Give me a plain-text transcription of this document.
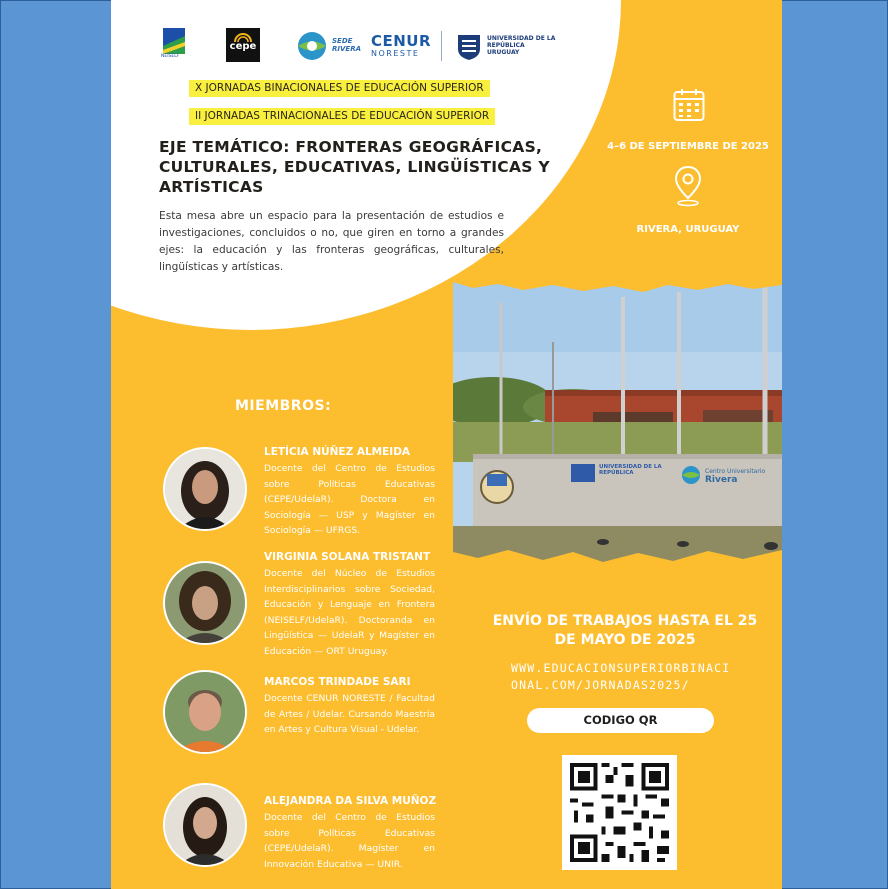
NEISELF
cepe	SEDE
RIVERA CENUR
NORESTE
UNIVERSIDAD DE LA REPÚBLICA URUGUAY
X JORNADAS BINACIONALES DE EDUCACIÓN SUPERIOR
II JORNADAS TRINACIONALES DE EDUCACIÓN SUPERIOR
EJE TEMÁTICO: FRONTERAS GEOGRÁFICAS, CULTURALES, EDUCATIVAS, LINGÜÍSTICAS Y ARTÍSTICAS
Esta mesa abre un espacio para la presentación de estudios e investigaciones, concluidos o no, que giren en torno a grandes ejes: la educación y las fronteras geográficas, culturales, lingüísticas y artísticas.
4–6 DE SEPTIEMBRE DE 2025
RIVERA, URUGUAY
UNIVERSIDAD DE LA REPÚBLICA	Centro Universitario
Rivera
MIEMBROS:
LETÍCIA NÚÑEZ ALMEIDA
Docente del Centro de Estudios sobre Políticas Educativas (CEPE/UdelaR). Doctora en Sociología — USP y Magíster en Sociología — UFRGS.
VIRGINIA SOLANA TRISTANT
Docente del Núcleo de Estudios Interdisciplinarios sobre Sociedad, Educación y Lenguaje en Frontera (NEISELF/UdelaR). Doctoranda en Lingüística — UdelaR y Magíster en Educación — ORT Uruguay.
MARCOS TRINDADE SARI
Docente CENUR NORESTE / Facultad de Artes / Udelar. Cursando Maestría en Artes y Cultura Visual - Udelar.
ALEJANDRA DA SILVA MUÑOZ
Docente del Centro de Estudios sobre Políticas Educativas (CEPE/UdelaR). Magíster en Innovación Educativa — UNIR.
ENVÍO DE TRABAJOS HASTA EL 25 DE MAYO DE 2025
WWW.EDUCACIONSUPERIORBINACIONAL.COM/JORNADAS2025/
CODIGO QR
